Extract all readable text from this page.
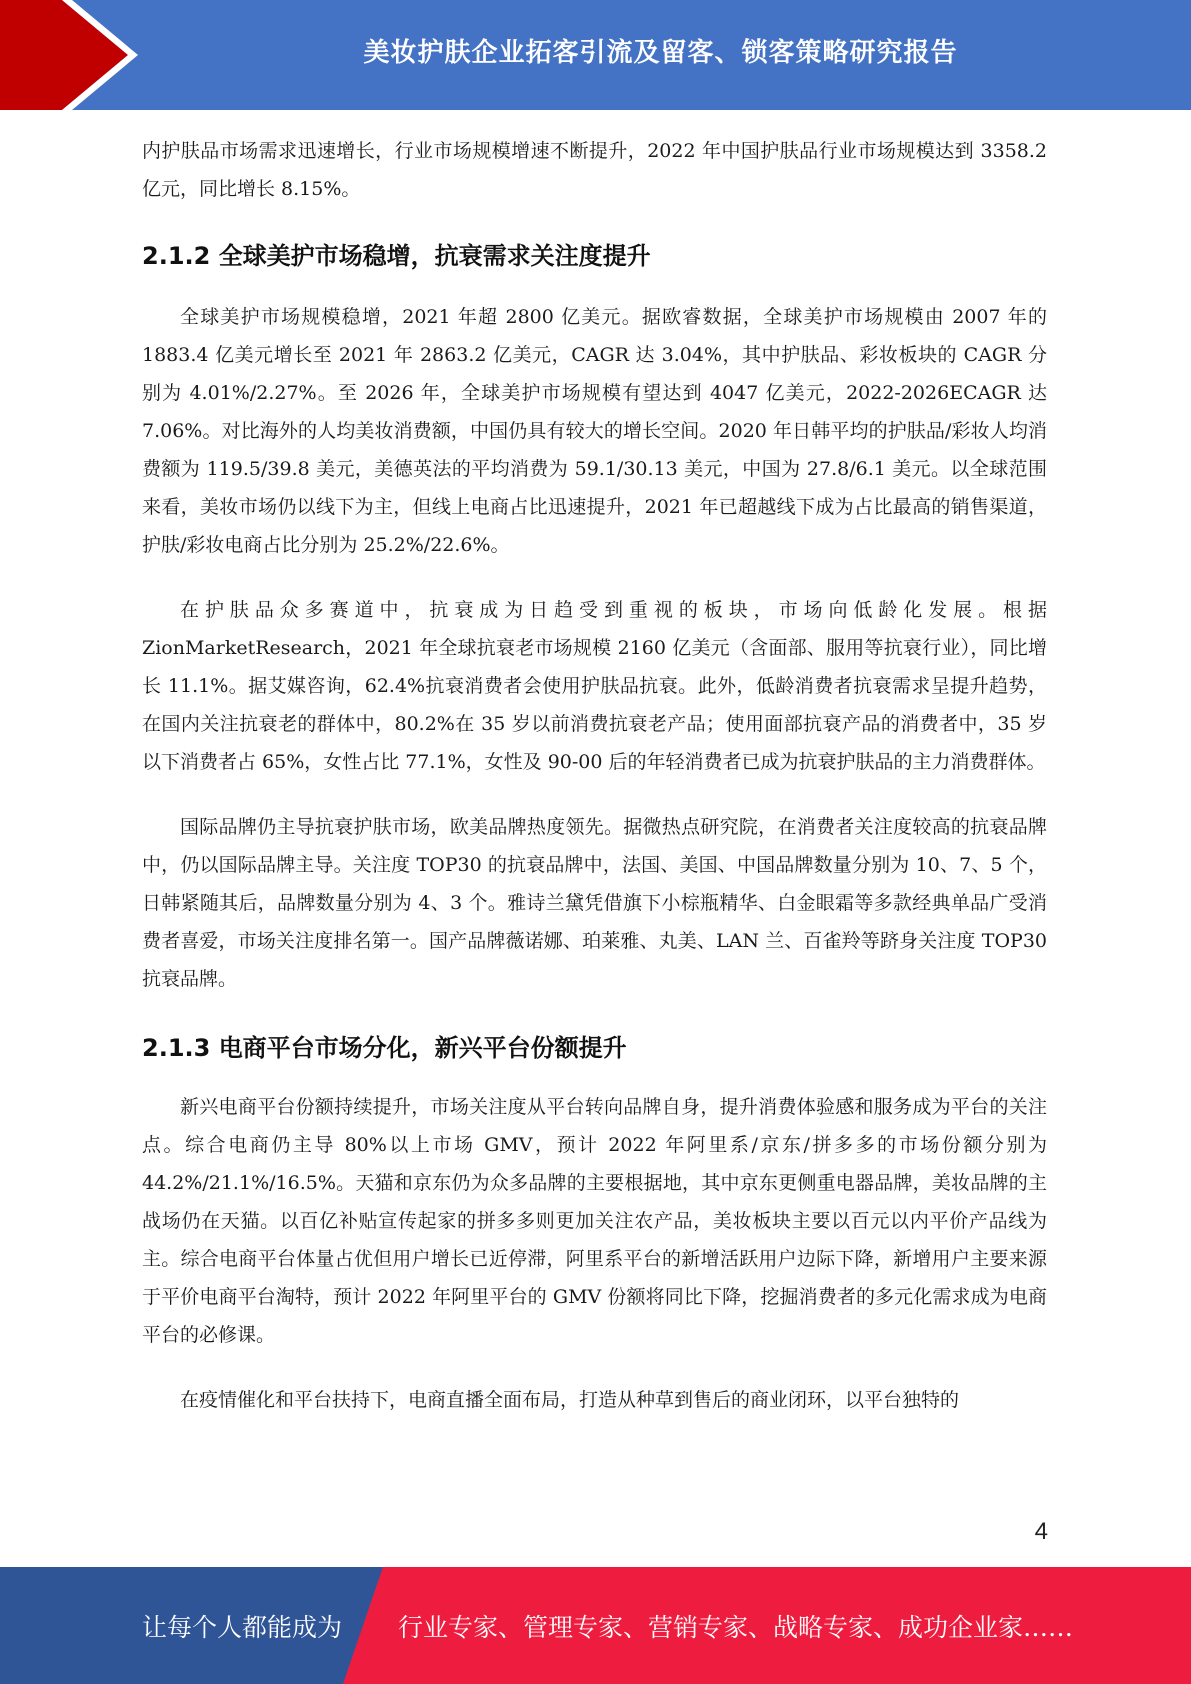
美妆护肤企业拓客引流及留客、锁客策略研究报告

内护肤品市场需求迅速增长，行业市场规模增速不断提升，2022 年中国护肤品行业市场规模达到 3358.2 亿元，同比增长 8.15%。

2.1.2 全球美护市场稳增，抗衰需求关注度提升

全球美护市场规模稳增，2021 年超 2800 亿美元。据欧睿数据，全球美护市场规模由 2007 年的 1883.4 亿美元增长至 2021 年 2863.2 亿美元，CAGR 达 3.04%，其中护肤品、彩妆板块的 CAGR 分别为 4.01%/2.27%。至 2026 年，全球美护市场规模有望达到 4047 亿美元，2022-2026ECAGR 达 7.06%。对比海外的人均美妆消费额，中国仍具有较大的增长空间。2020 年日韩平均的护肤品/彩妆人均消费额为 119.5/39.8 美元，美德英法的平均消费为 59.1/30.13 美元，中国为 27.8/6.1 美元。以全球范围来看，美妆市场仍以线下为主，但线上电商占比迅速提升，2021 年已超越线下成为占比最高的销售渠道，护肤/彩妆电商占比分别为 25.2%/22.6%。

在护肤品众多赛道中，抗衰成为日趋受到重视的板块，市场向低龄化发展。根据 ZionMarketResearch，2021 年全球抗衰老市场规模 2160 亿美元（含面部、服用等抗衰行业），同比增长 11.1%。据艾媒咨询，62.4%抗衰消费者会使用护肤品抗衰。此外，低龄消费者抗衰需求呈提升趋势，在国内关注抗衰老的群体中，80.2%在 35 岁以前消费抗衰老产品；使用面部抗衰产品的消费者中，35 岁以下消费者占 65%，女性占比 77.1%，女性及 90-00 后的年轻消费者已成为抗衰护肤品的主力消费群体。

国际品牌仍主导抗衰护肤市场，欧美品牌热度领先。据微热点研究院，在消费者关注度较高的抗衰品牌中，仍以国际品牌主导。关注度 TOP30 的抗衰品牌中，法国、美国、中国品牌数量分别为 10、7、5 个，日韩紧随其后，品牌数量分别为 4、3 个。雅诗兰黛凭借旗下小棕瓶精华、白金眼霜等多款经典单品广受消费者喜爱，市场关注度排名第一。国产品牌薇诺娜、珀莱雅、丸美、LAN 兰、百雀羚等跻身关注度 TOP30 抗衰品牌。

2.1.3 电商平台市场分化，新兴平台份额提升

新兴电商平台份额持续提升，市场关注度从平台转向品牌自身，提升消费体验感和服务成为平台的关注点。综合电商仍主导 80%以上市场 GMV，预计 2022 年阿里系/京东/拼多多的市场份额分别为 44.2%/21.1%/16.5%。天猫和京东仍为众多品牌的主要根据地，其中京东更侧重电器品牌，美妆品牌的主战场仍在天猫。以百亿补贴宣传起家的拼多多则更加关注农产品，美妆板块主要以百元以内平价产品线为主。综合电商平台体量占优但用户增长已近停滞，阿里系平台的新增活跃用户边际下降，新增用户主要来源于平价电商平台淘特，预计 2022 年阿里平台的 GMV 份额将同比下降，挖掘消费者的多元化需求成为电商平台的必修课。

在疫情催化和平台扶持下，电商直播全面布局，打造从种草到售后的商业闭环，以平台独特的

4
让每个人都能成为 行业专家、管理专家、营销专家、战略专家、成功企业家……
